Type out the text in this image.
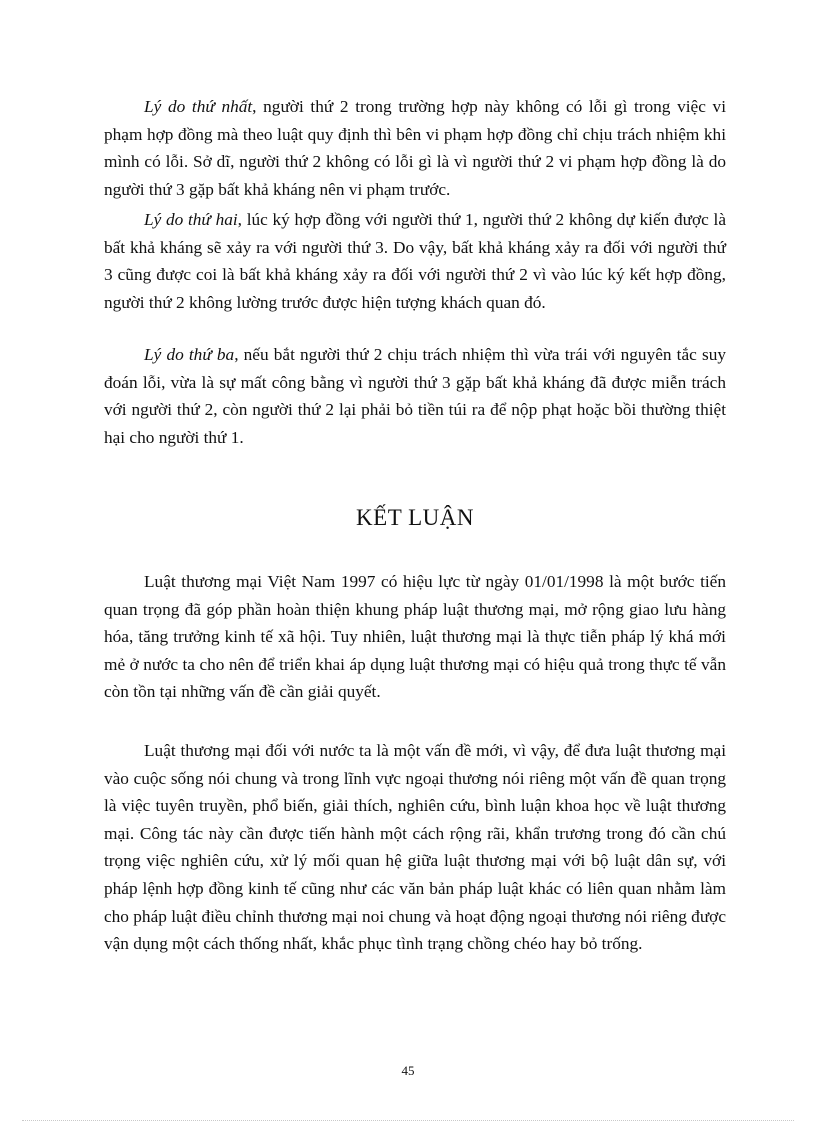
Lý do thứ nhất, người thứ 2 trong trường hợp này không có lỗi gì trong việc vi phạm hợp đồng mà theo luật quy định thì bên vi phạm hợp đồng chỉ chịu trách nhiệm khi mình có lỗi. Sở dĩ, người thứ 2 không có lỗi gì là vì người thứ 2 vi phạm hợp đồng là do người thứ 3 gặp bất khả kháng nên vi phạm trước.

Lý do thứ hai, lúc ký hợp đồng với người thứ 1, người thứ 2 không dự kiến được là bất khả kháng sẽ xảy ra với người thứ 3. Do vậy, bất khả kháng xảy ra đối với người thứ 3 cũng được coi là bất khả kháng xảy ra đối với người thứ 2 vì vào lúc ký kết hợp đồng, người thứ 2 không lường trước được hiện tượng khách quan đó.

Lý do thứ ba, nếu bắt người thứ 2 chịu trách nhiệm thì vừa trái với nguyên tắc suy đoán lỗi, vừa là sự mất công bằng vì người thứ 3 gặp bất khả kháng đã được miễn trách với người thứ 2, còn người thứ 2 lại phải bỏ tiền túi ra để nộp phạt hoặc bồi thường thiệt hại cho người thứ 1.

KẾT LUẬN

Luật thương mại Việt Nam 1997 có hiệu lực từ ngày 01/01/1998 là một bước tiến quan trọng đã góp phần hoàn thiện khung pháp luật thương mại, mở rộng giao lưu hàng hóa, tăng trưởng kinh tế xã hội. Tuy nhiên, luật thương mại là thực tiễn pháp lý khá mới mẻ ở nước ta cho nên để triển khai áp dụng luật thương mại có hiệu quả trong thực tế vẫn còn tồn tại những vấn đề cần giải quyết.

Luật thương mại đối với nước ta là một vấn đề mới, vì vậy, để đưa luật thương mại vào cuộc sống nói chung và trong lĩnh vực ngoại thương nói riêng một vấn đề quan trọng là việc tuyên truyền, phổ biến, giải thích, nghiên cứu, bình luận khoa học về luật thương mại. Công tác này cần được tiến hành một cách rộng rãi, khẩn trương trong đó cần chú trọng việc nghiên cứu, xử lý mối quan hệ giữa luật thương mại với bộ luật dân sự, với pháp lệnh hợp đồng kinh tế cũng như các văn bản pháp luật khác có liên quan nhằm làm cho pháp luật điều chỉnh thương mại noi chung và hoạt động ngoại thương nói riêng được vận dụng một cách thống nhất, khắc phục tình trạng chồng chéo hay bỏ trống.

45
